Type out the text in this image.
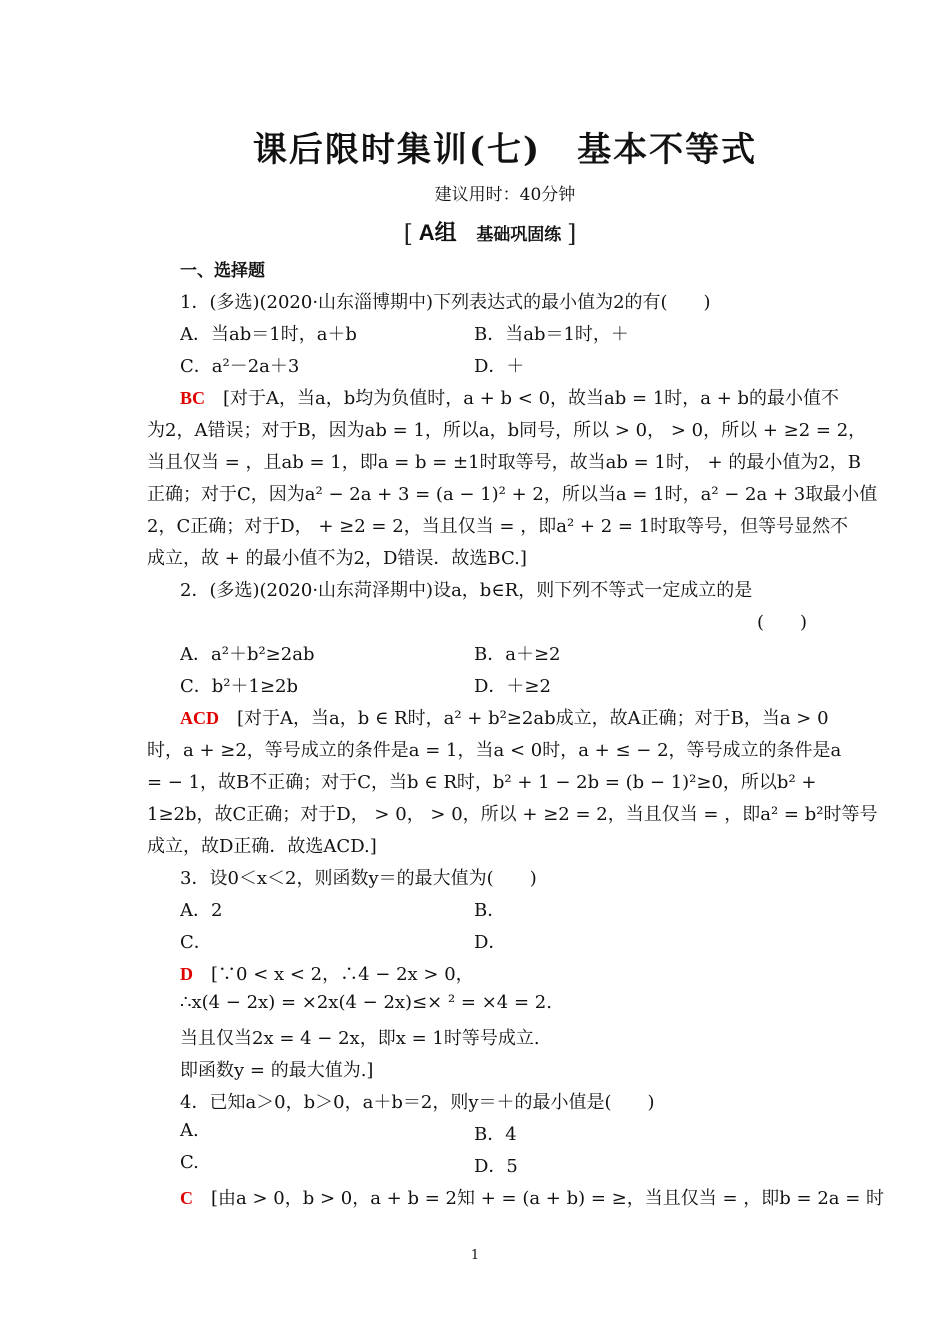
课后限时集训(七)　基本不等式
建议用时：40分钟
[ A组 基础巩固练 ]
一、选择题
1．(多选)(2020·山东淄博期中)下列表达式的最小值为2的有(　　)
A．当ab＝1时，a＋b	B．当ab＝1时，＋
C．a²－2a＋3	D．＋
BC　[对于A，当a，b均为负值时，a + b < 0，故当ab = 1时，a + b的最小值不
为2，A错误；对于B，因为ab = 1，所以a，b同号，所以 > 0， > 0，所以 + ≥2 = 2，
当且仅当 = ，且ab = 1，即a = b = ±1时取等号，故当ab = 1时， + 的最小值为2，B
正确；对于C，因为a² − 2a + 3 = (a − 1)² + 2，所以当a = 1时，a² − 2a + 3取最小值
2，C正确；对于D， + ≥2 = 2，当且仅当 = ，即a² + 2 = 1时取等号，但等号显然不
成立，故 + 的最小值不为2，D错误．故选BC.]
2．(多选)(2020·山东菏泽期中)设a，b∈R，则下列不等式一定成立的是
(　　)
A．a²＋b²≥2ab	B．a＋≥2
C．b²＋1≥2b	D．＋≥2
ACD　[对于A，当a，b ∈ R时，a² + b²≥2ab成立，故A正确；对于B，当a > 0
时，a + ≥2，等号成立的条件是a = 1，当a < 0时，a + ≤ − 2，等号成立的条件是a
= − 1，故B不正确；对于C，当b ∈ R时，b² + 1 − 2b = (b − 1)²≥0，所以b² +
1≥2b，故C正确；对于D， > 0， > 0，所以 + ≥2 = 2，当且仅当 = ，即a² = b²时等号
成立，故D正确．故选ACD.]
3．设0＜x＜2，则函数y＝的最大值为(　　)
A．2	B．
C．	D．
D　[∵0 < x < 2，∴4 − 2x > 0，
∴x(4 − 2x) = ×2x(4 − 2x)≤× ² = ×4 = 2.
当且仅当2x = 4 − 2x，即x = 1时等号成立.
即函数y = 的最大值为.]
4．已知a＞0，b＞0，a＋b＝2，则y＝＋的最小值是(　　)
A.	B．4
C.	D．5
C　[由a > 0，b > 0，a + b = 2知 + = (a + b) = ≥，当且仅当 = ，即b = 2a = 时
1
